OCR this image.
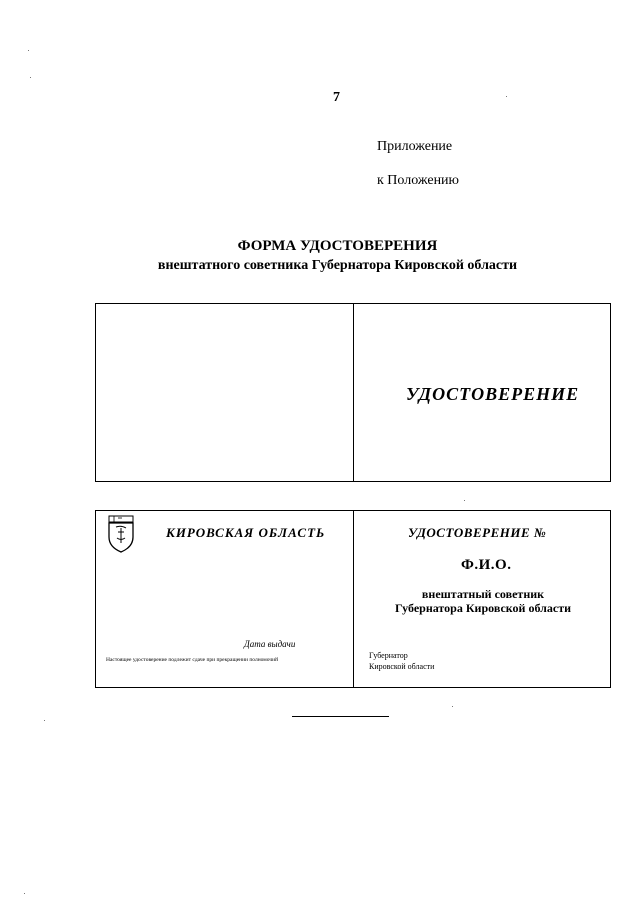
7
Приложение
к Положению
ФОРМА УДОСТОВЕРЕНИЯ
внештатного советника Губернатора Кировской области
УДОСТОВЕРЕНИЕ
КИРОВСКАЯ ОБЛАСТЬ
Дата выдачи
Настоящее удостоверение подлежит сдаче при прекращении полномочий
УДОСТОВЕРЕНИЕ №
Ф.И.О.
внештатный советник
Губернатора Кировской области
Губернатор
Кировской области
